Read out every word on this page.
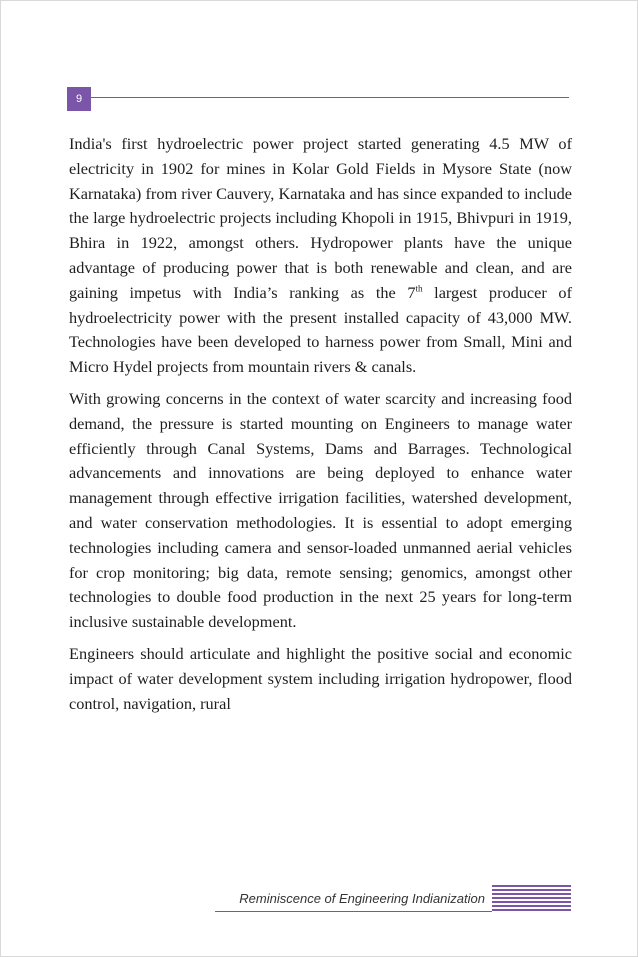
9

India's first hydroelectric power project started generating 4.5 MW of electricity in 1902 for mines in Kolar Gold Fields in Mysore State (now Karnataka) from river Cauvery, Karnataka and has since expanded to include the large hydroelectric projects including Khopoli in 1915, Bhivpuri in 1919, Bhira in 1922, amongst others. Hydropower plants have the unique advantage of producing power that is both renewable and clean, and are gaining impetus with India’s ranking as the 7th largest producer of hydroelectricity power with the present installed capacity of 43,000 MW. Technologies have been developed to harness power from Small, Mini and Micro Hydel projects from mountain rivers & canals.

With growing concerns in the context of water scarcity and increasing food demand, the pressure is started mounting on Engineers to manage water efficiently through Canal Systems, Dams and Barrages. Technological advancements and innovations are being deployed to enhance water management through effective irrigation facilities, watershed development, and water conservation methodologies. It is essential to adopt emerging technologies including camera and sensor-loaded unmanned aerial vehicles for crop monitoring; big data, remote sensing; genomics, amongst other technologies to double food production in the next 25 years for long-term inclusive sustainable development.

Engineers should articulate and highlight the positive social and economic impact of water development system including irrigation hydropower, flood control, navigation, rural

Reminiscence of Engineering Indianization
